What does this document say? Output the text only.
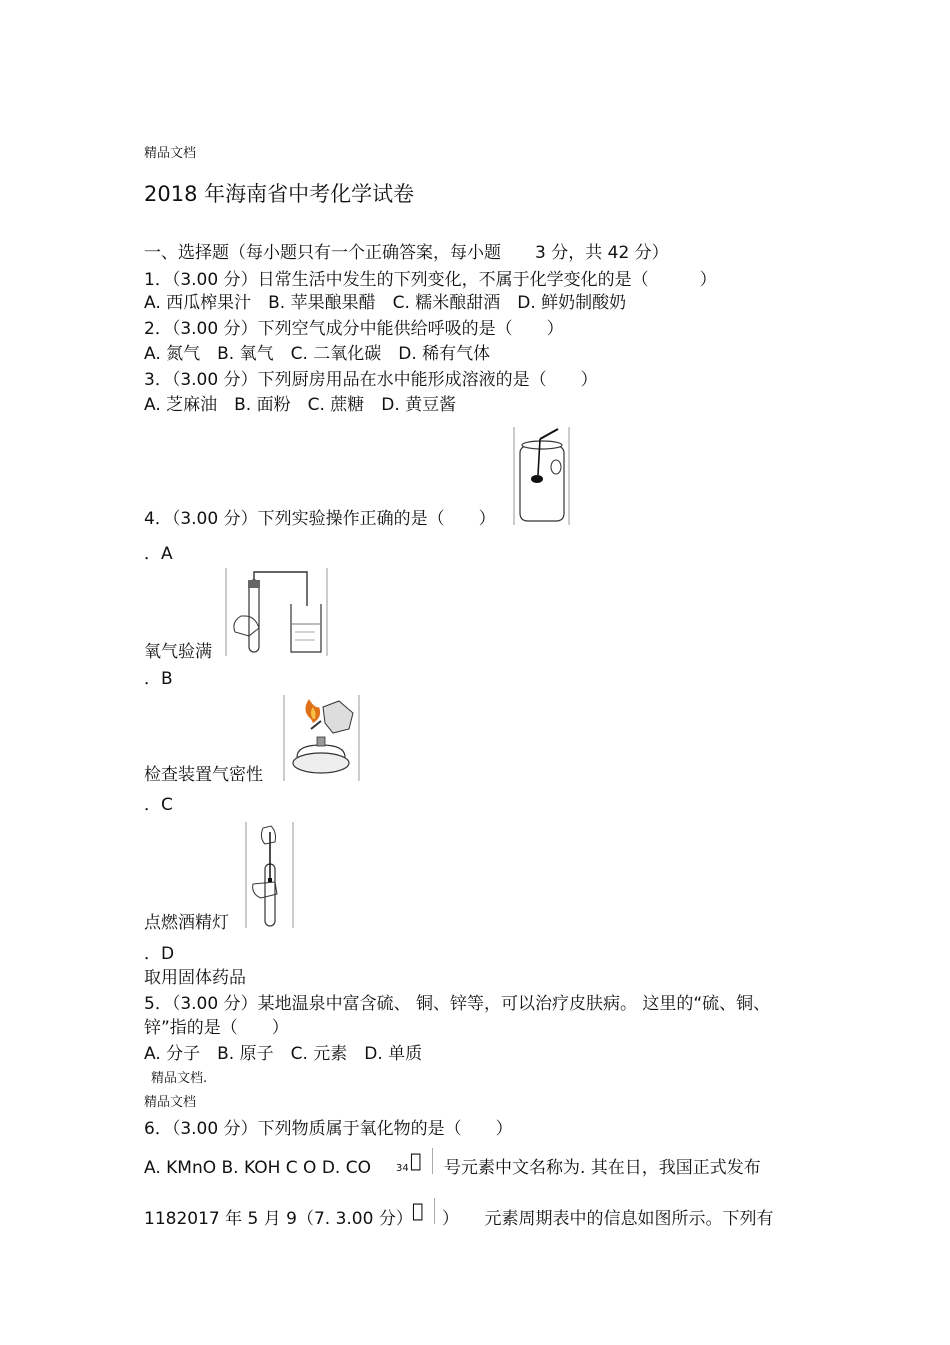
精品文档
2018 年海南省中考化学试卷
一、选择题（每小题只有一个正确答案，每小题　　3 分，共 42 分）
1．（3.00 分）日常生活中发生的下列变化，不属于化学变化的是（　　　）
A. 西瓜榨果汁　B. 苹果酿果醋　C. 糯米酿甜酒　D. 鲜奶制酸奶
2．（3.00 分）下列空气成分中能供给呼吸的是（　　）
A. 氮气　B. 氧气　C. 二氧化碳　D. 稀有气体
3．（3.00 分）下列厨房用品在水中能形成溶液的是（　　）
A. 芝麻油　B. 面粉　C. 蔗糖　D. 黄豆酱
4．（3.00 分）下列实验操作正确的是（　　）
．A
氧气验满
．B
检查装置气密性
．C
点燃酒精灯
．D
取用固体药品
5．（3.00 分）某地温泉中富含硫、 铜、锌等，可以治疗皮肤病。 这里的“硫、铜、
锌”指的是（　　）
A. 分子　B. 原子　C. 元素　D. 单质
精品文档.
精品文档
6．（3.00 分）下列物质属于氧化物的是（　　）
A. KMnO B. KOH C O D. CO	34 𫟐 号元素中文名称为. 其在日，我国正式发布
1182017 年 5 月 9（7. 3.00 分） 𫟐 ）　　元素周期表中的信息如图所示。下列有
